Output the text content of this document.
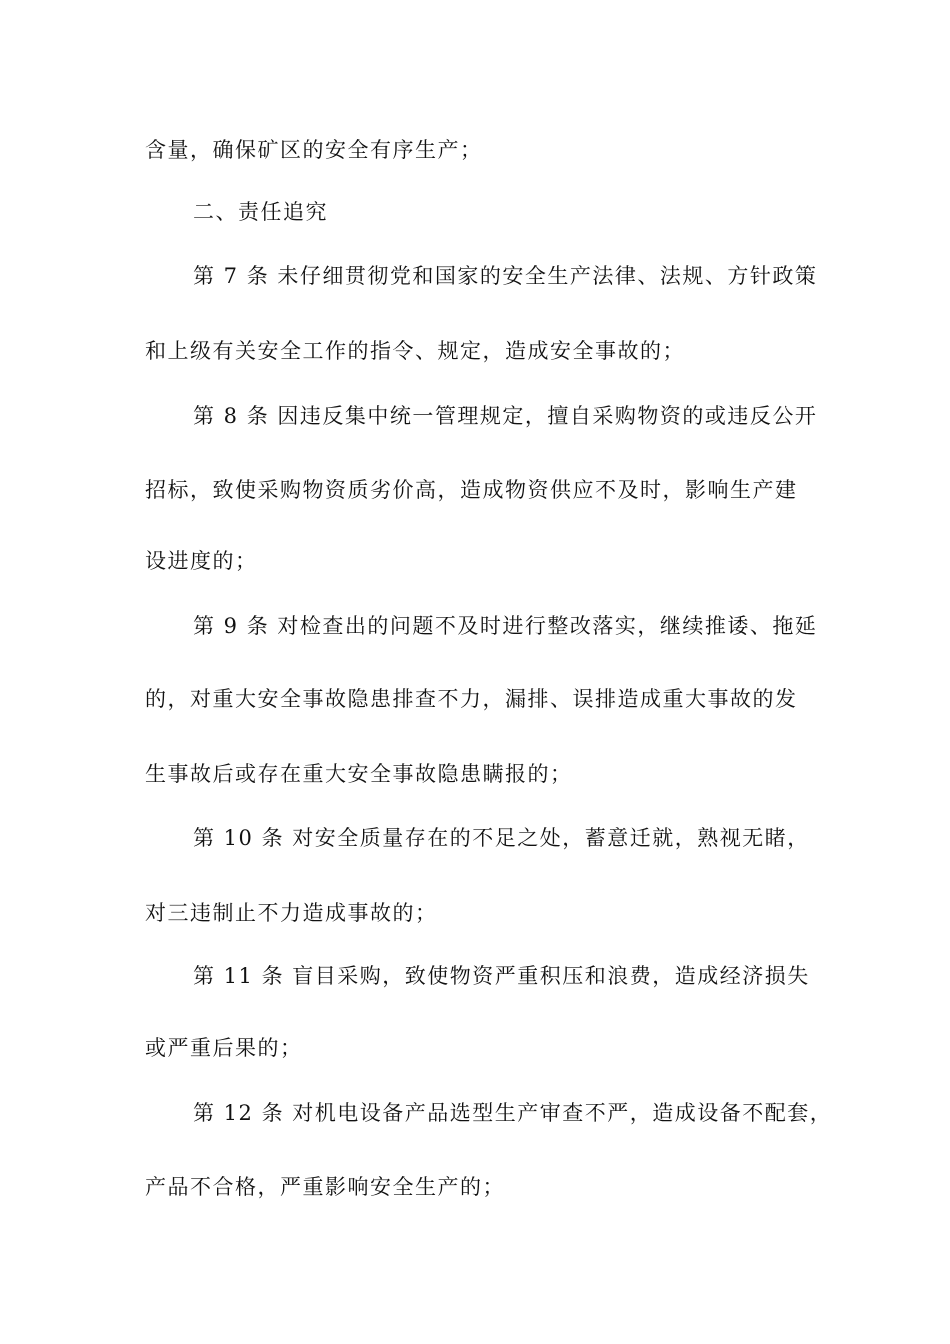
含量，确保矿区的安全有序生产；
二、责任追究
第 7 条 未仔细贯彻党和国家的安全生产法律、法规、方针政策
和上级有关安全工作的指令、规定，造成安全事故的；
第 8 条 因违反集中统一管理规定，擅自采购物资的或违反公开
招标，致使采购物资质劣价高，造成物资供应不及时，影响生产建
设进度的；
第 9 条 对检查出的问题不及时进行整改落实，继续推诿、拖延
的，对重大安全事故隐患排查不力，漏排、误排造成重大事故的发
生事故后或存在重大安全事故隐患瞒报的；
第 10 条 对安全质量存在的不足之处，蓄意迁就，熟视无睹，
对三违制止不力造成事故的；
第 11 条 盲目采购，致使物资严重积压和浪费，造成经济损失
或严重后果的；
第 12 条 对机电设备产品选型生产审查不严，造成设备不配套，
产品不合格，严重影响安全生产的；
